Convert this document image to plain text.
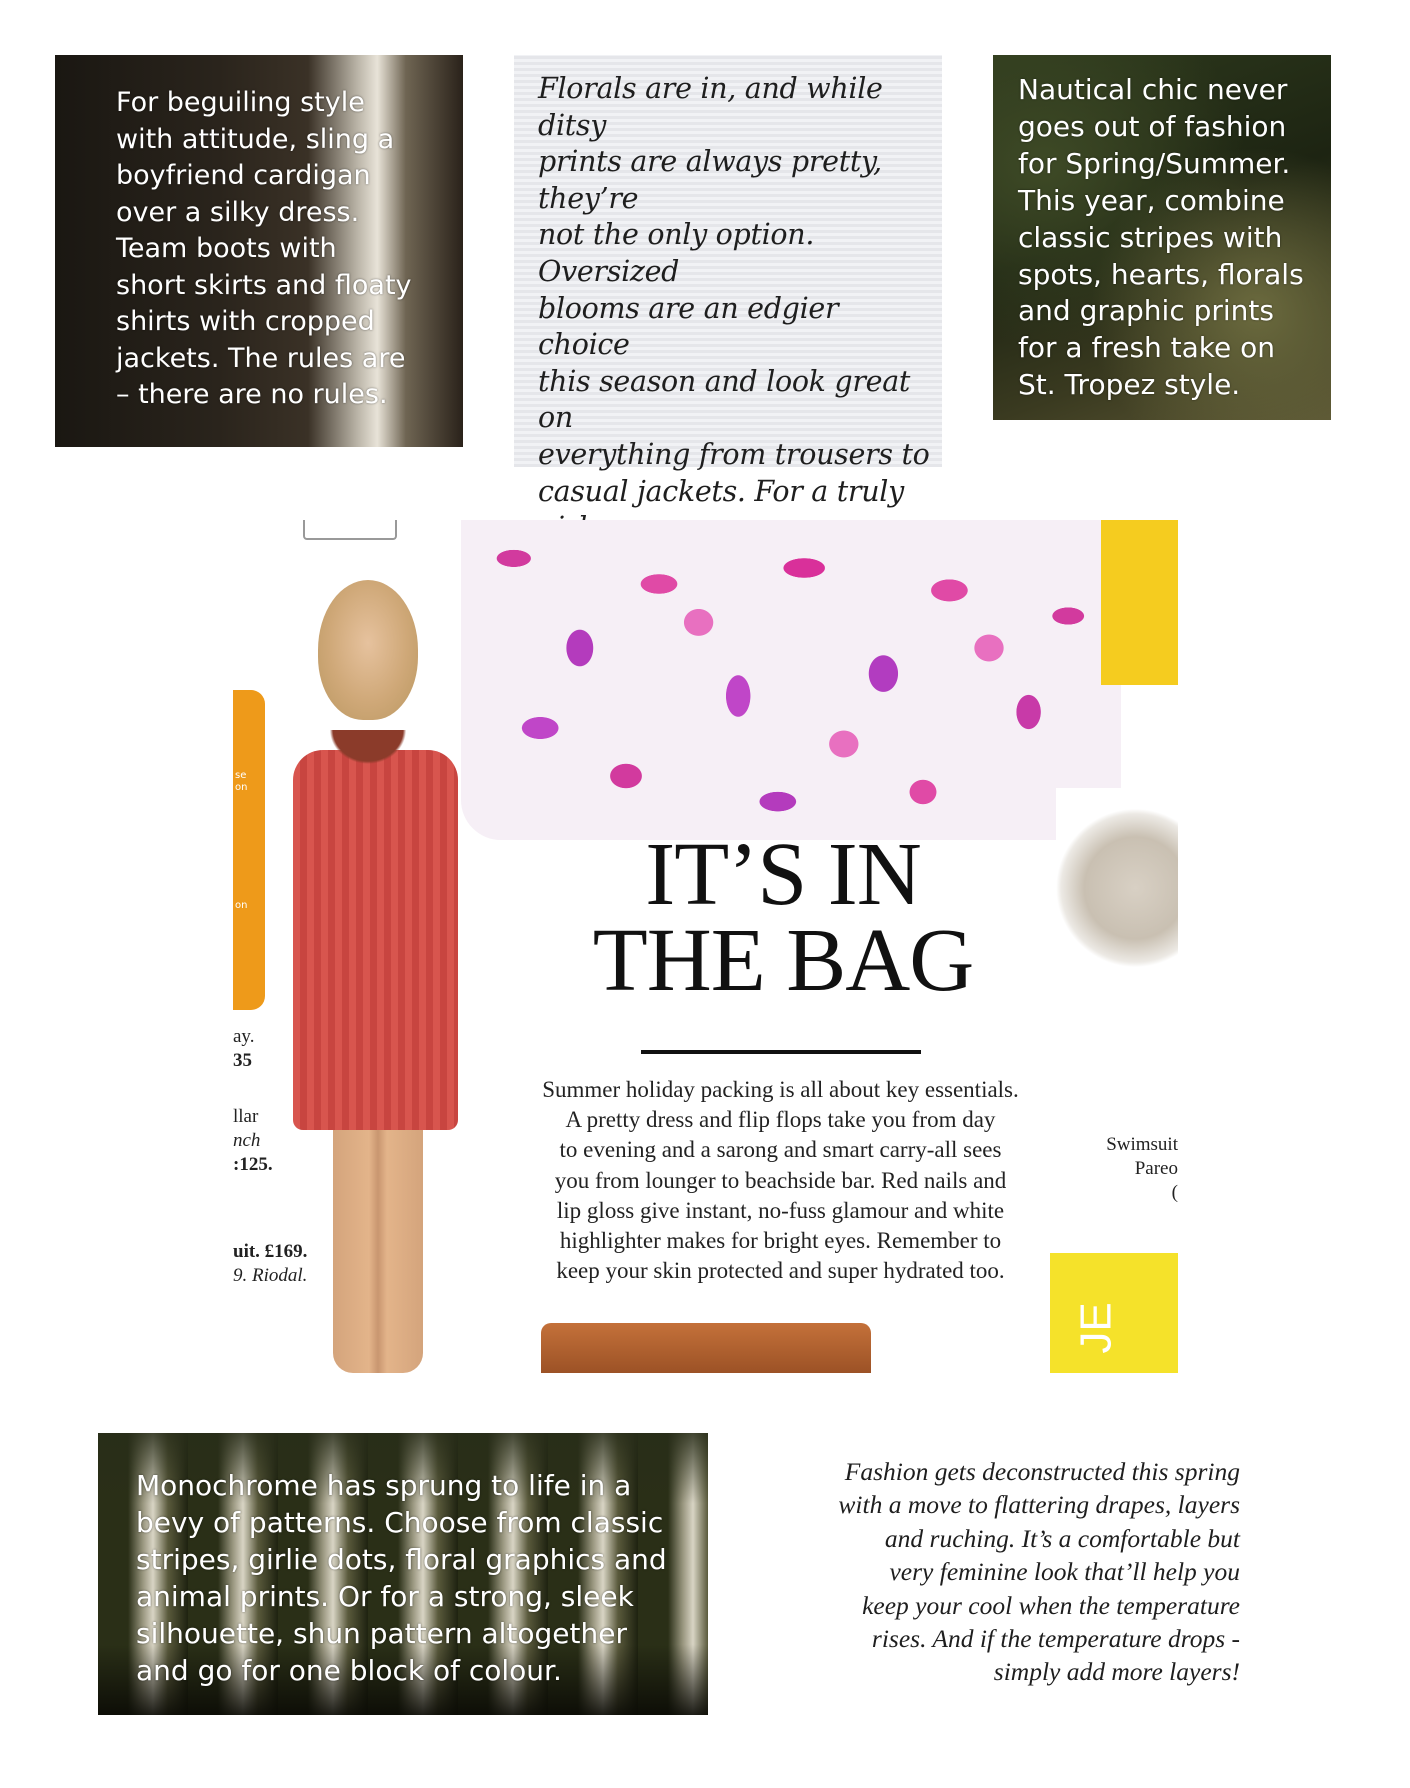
For beguiling style
with attitude, sling a
boyfriend cardigan
over a silky dress.
Team boots with
short skirts and floaty
shirts with cropped
jackets. The rules are
– there are no rules.
Florals are in, and while ditsy
prints are always pretty, they’re
not the only option. Oversized
blooms are an edgier choice
this season and look great on
everything from trousers to
casual jackets. For a truly
Nautical chic never
goes out of fashion
for Spring/Summer.
This year, combine
classic stripes with
spots, hearts, florals
and graphic prints
for a fresh take on
St. Tropez style.
se
on
on
JE
IT’S IN
THE BAG
Summer holiday packing is all about key essentials.
A pretty dress and flip flops take you from day
to evening and a sarong and smart carry-all sees
you from lounger to beachside bar. Red nails and
lip gloss give instant, no-fuss glamour and white
highlighter makes for bright eyes. Remember to
keep your skin protected and super hydrated too.
ay.
35
llar
nch
:125.
uit. £169.
9. Riodal.
Swimsuit
Pareo
(
Monochrome has sprung to life in a
bevy of patterns. Choose from classic
stripes, girlie dots, floral graphics and
animal prints. Or for a strong, sleek
silhouette, shun pattern altogether
and go for one block of colour.
Fashion gets deconstructed this spring
with a move to flattering drapes, layers
and ruching. It’s a comfortable but
very feminine look that’ll help you
keep your cool when the temperature
rises. And if the temperature drops -
simply add more layers!
